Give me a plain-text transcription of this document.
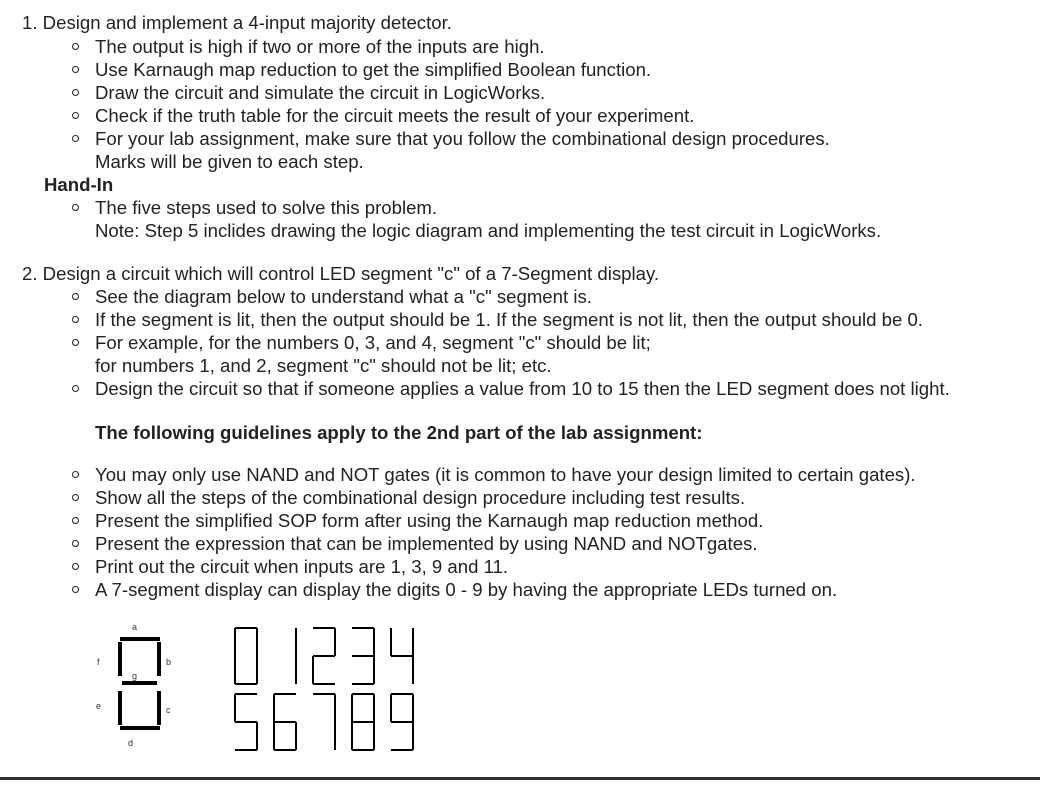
1. Design and implement a 4-input majority detector.
The output is high if two or more of the inputs are high.
Use Karnaugh map reduction to get the simplified Boolean function.
Draw the circuit and simulate the circuit in LogicWorks.
Check if the truth table for the circuit meets the result of your experiment.
For your lab assignment, make sure that you follow the combinational design procedures.
Marks will be given to each step.
Hand-In
The five steps used to solve this problem.
Note: Step 5 inclides drawing the logic diagram and implementing the test circuit in LogicWorks.
2. Design a circuit which will control LED segment "c" of a 7-Segment display.
See the diagram below to understand what a "c" segment is.
If the segment is lit, then the output should be 1. If the segment is not lit, then the output should be 0.
For example, for the numbers 0, 3, and 4, segment "c" should be lit;
for numbers 1, and 2, segment "c" should not be lit; etc.
Design the circuit so that if someone applies a value from 10 to 15 then the LED segment does not light.
The following guidelines apply to the 2nd part of the lab assignment:
You may only use NAND and NOT gates (it is common to have your design limited to certain gates).
Show all the steps of the combinational design procedure including test results.
Present the simplified SOP form after using the Karnaugh map reduction method.
Present the expression that can be implemented by using NAND and NOTgates.
Print out the circuit when inputs are 1, 3, 9 and 11.
A 7-segment display can display the digits 0 - 9 by having the appropriate LEDs turned on.
a
b
c
d
e
f
g
